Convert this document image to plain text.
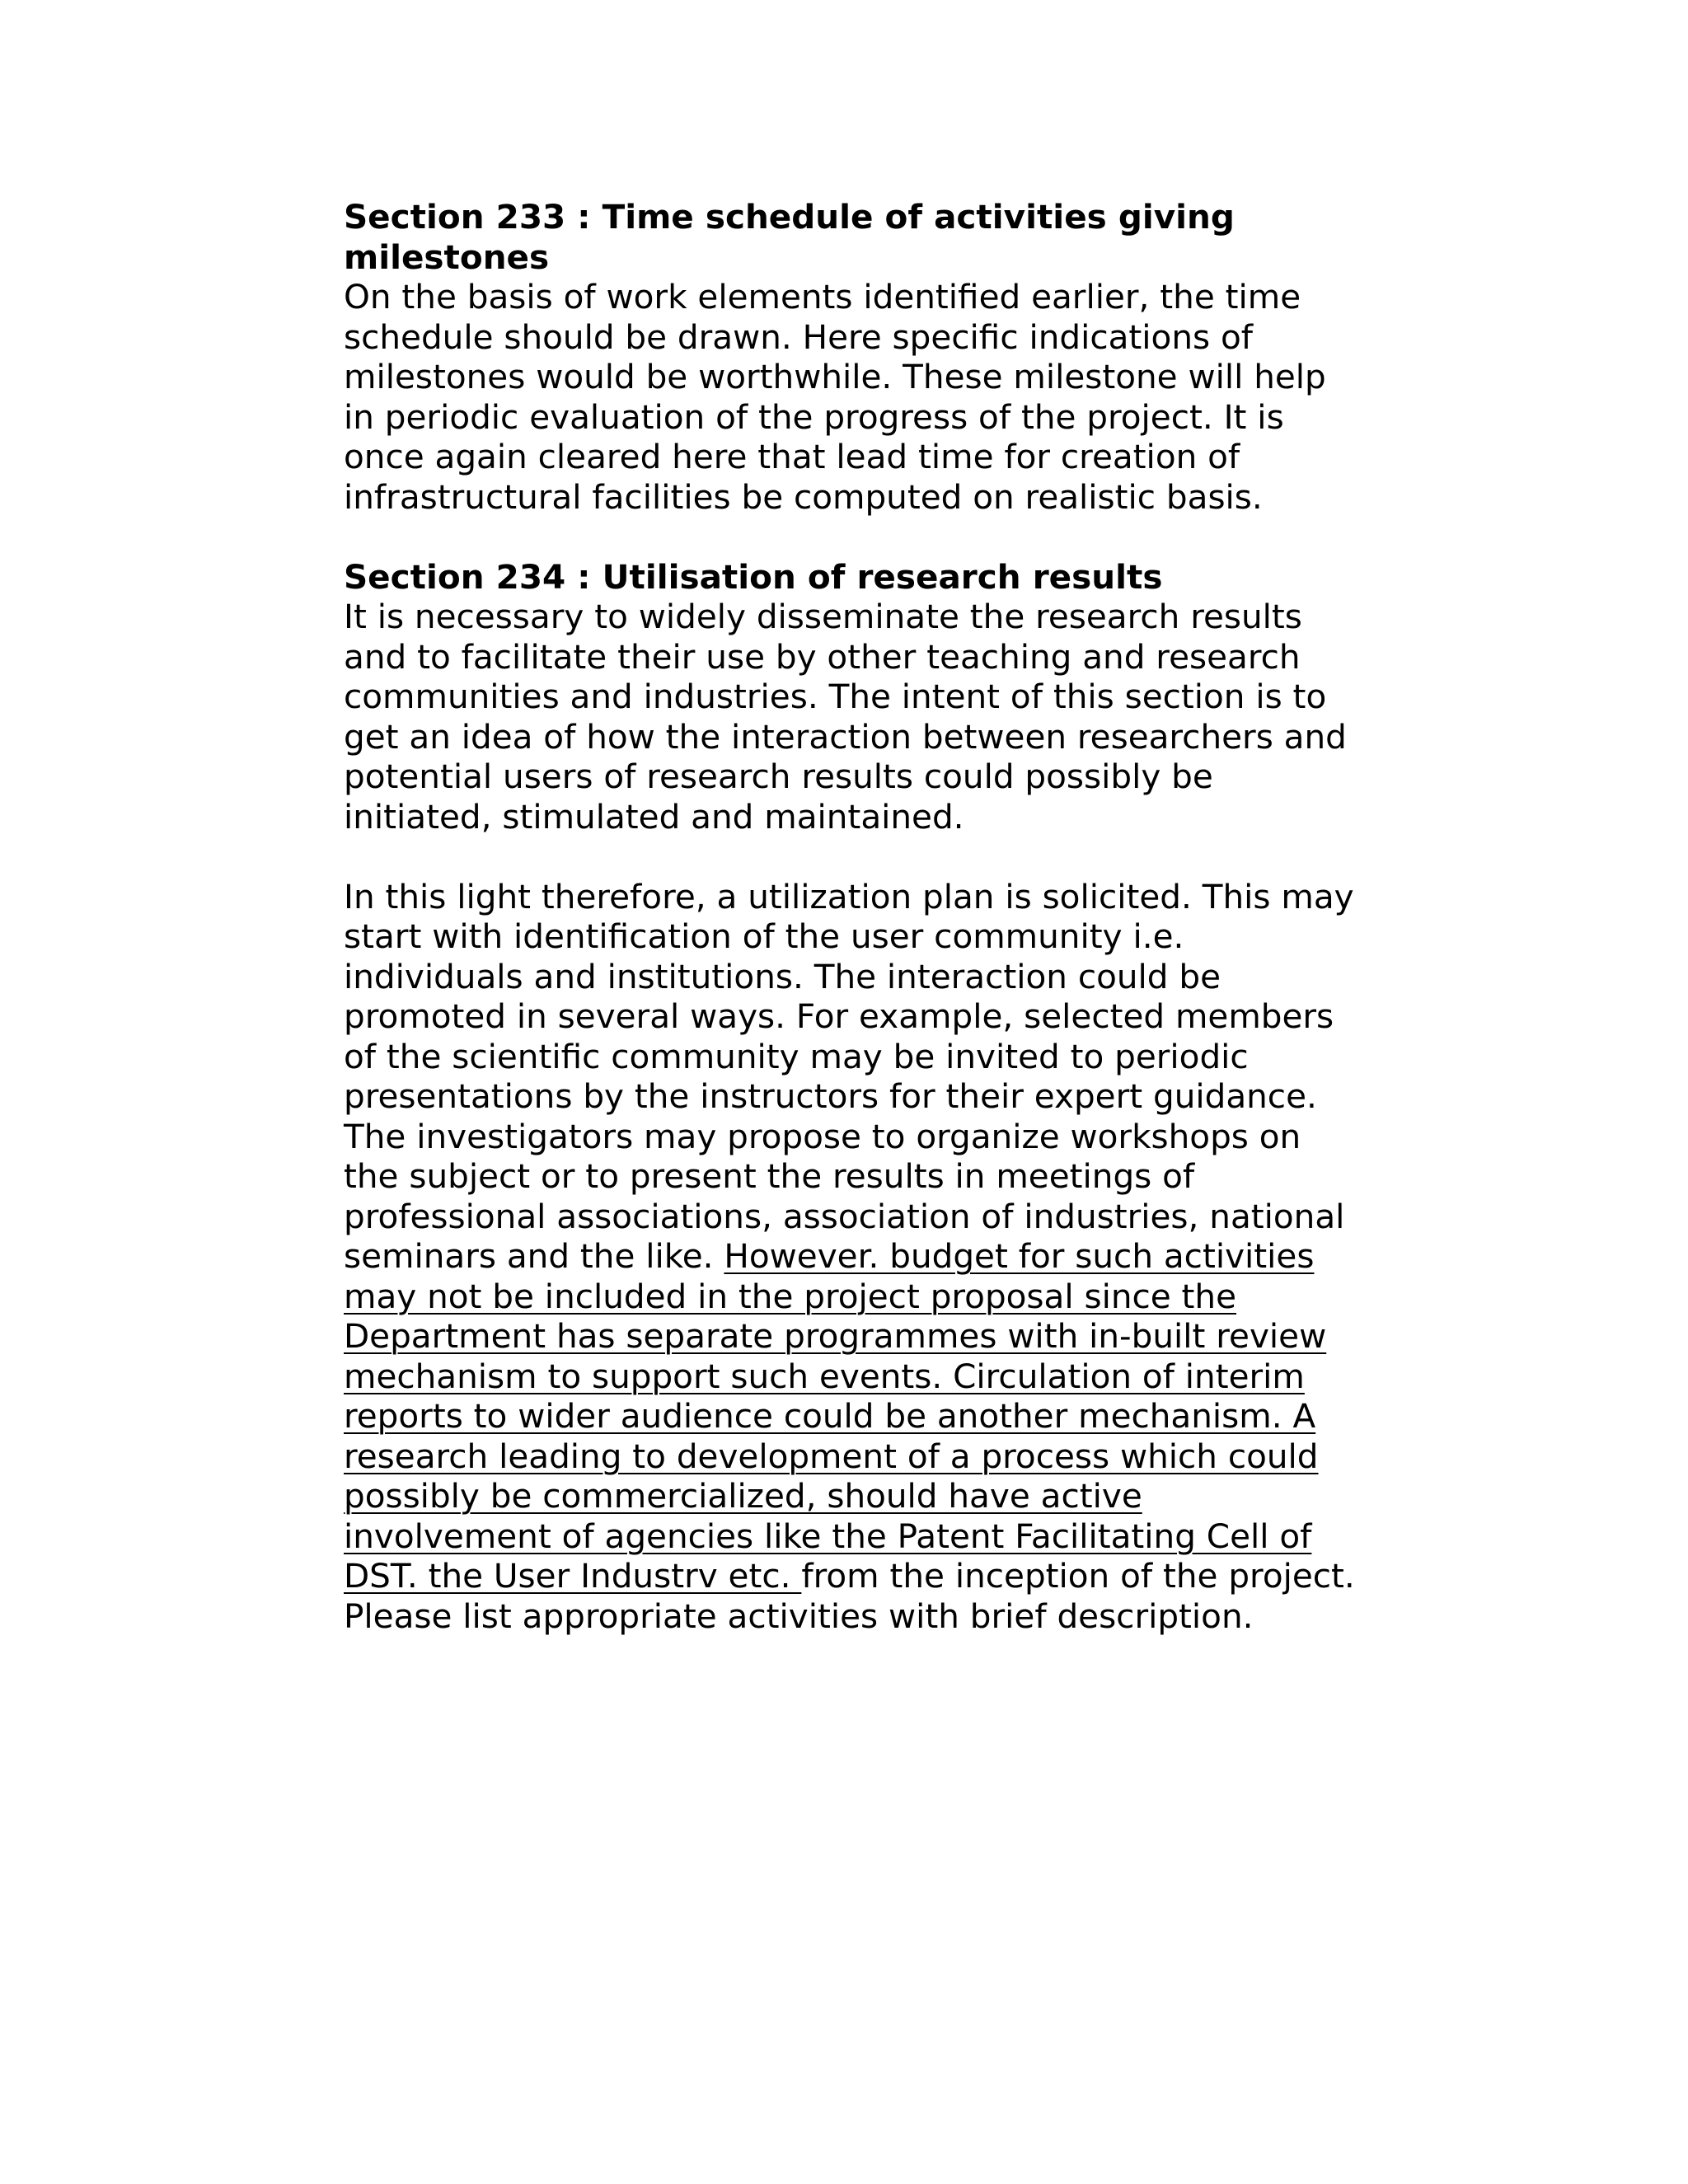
Section 233 : Time schedule of activities giving milestones

On the basis of work elements identified earlier, the time schedule should be drawn. Here specific indications of milestones would be worthwhile. These milestone will help in periodic evaluation of the progress of the project. It is once again cleared here that lead time for creation of infrastructural facilities be computed on realistic basis.

Section 234 : Utilisation of research results

It is necessary to widely disseminate the research results and to facilitate their use by other teaching and research communities and industries. The intent of this section is to get an idea of how the interaction between researchers and potential users of research results could possibly be initiated, stimulated and maintained.

In this light therefore, a utilization plan is solicited. This may start with identification of the user community i.e. individuals and institutions. The interaction could be promoted in several ways. For example, selected members of the scientific community may be invited to periodic presentations by the instructors for their expert guidance. The investigators may propose to organize workshops on the subject or to present the results in meetings of professional associations, association of industries, national seminars and the like. However. budget for such activities may not be included in the project proposal since the Department has separate programmes with in-built review mechanism to support such events. Circulation of interim reports to wider audience could be another mechanism. A research leading to development of a process which could possibly be commercialized, should have active involvement of agencies like the Patent Facilitating Cell of DST. the User Industrv etc. from the inception of the project. Please list appropriate activities with brief description.
